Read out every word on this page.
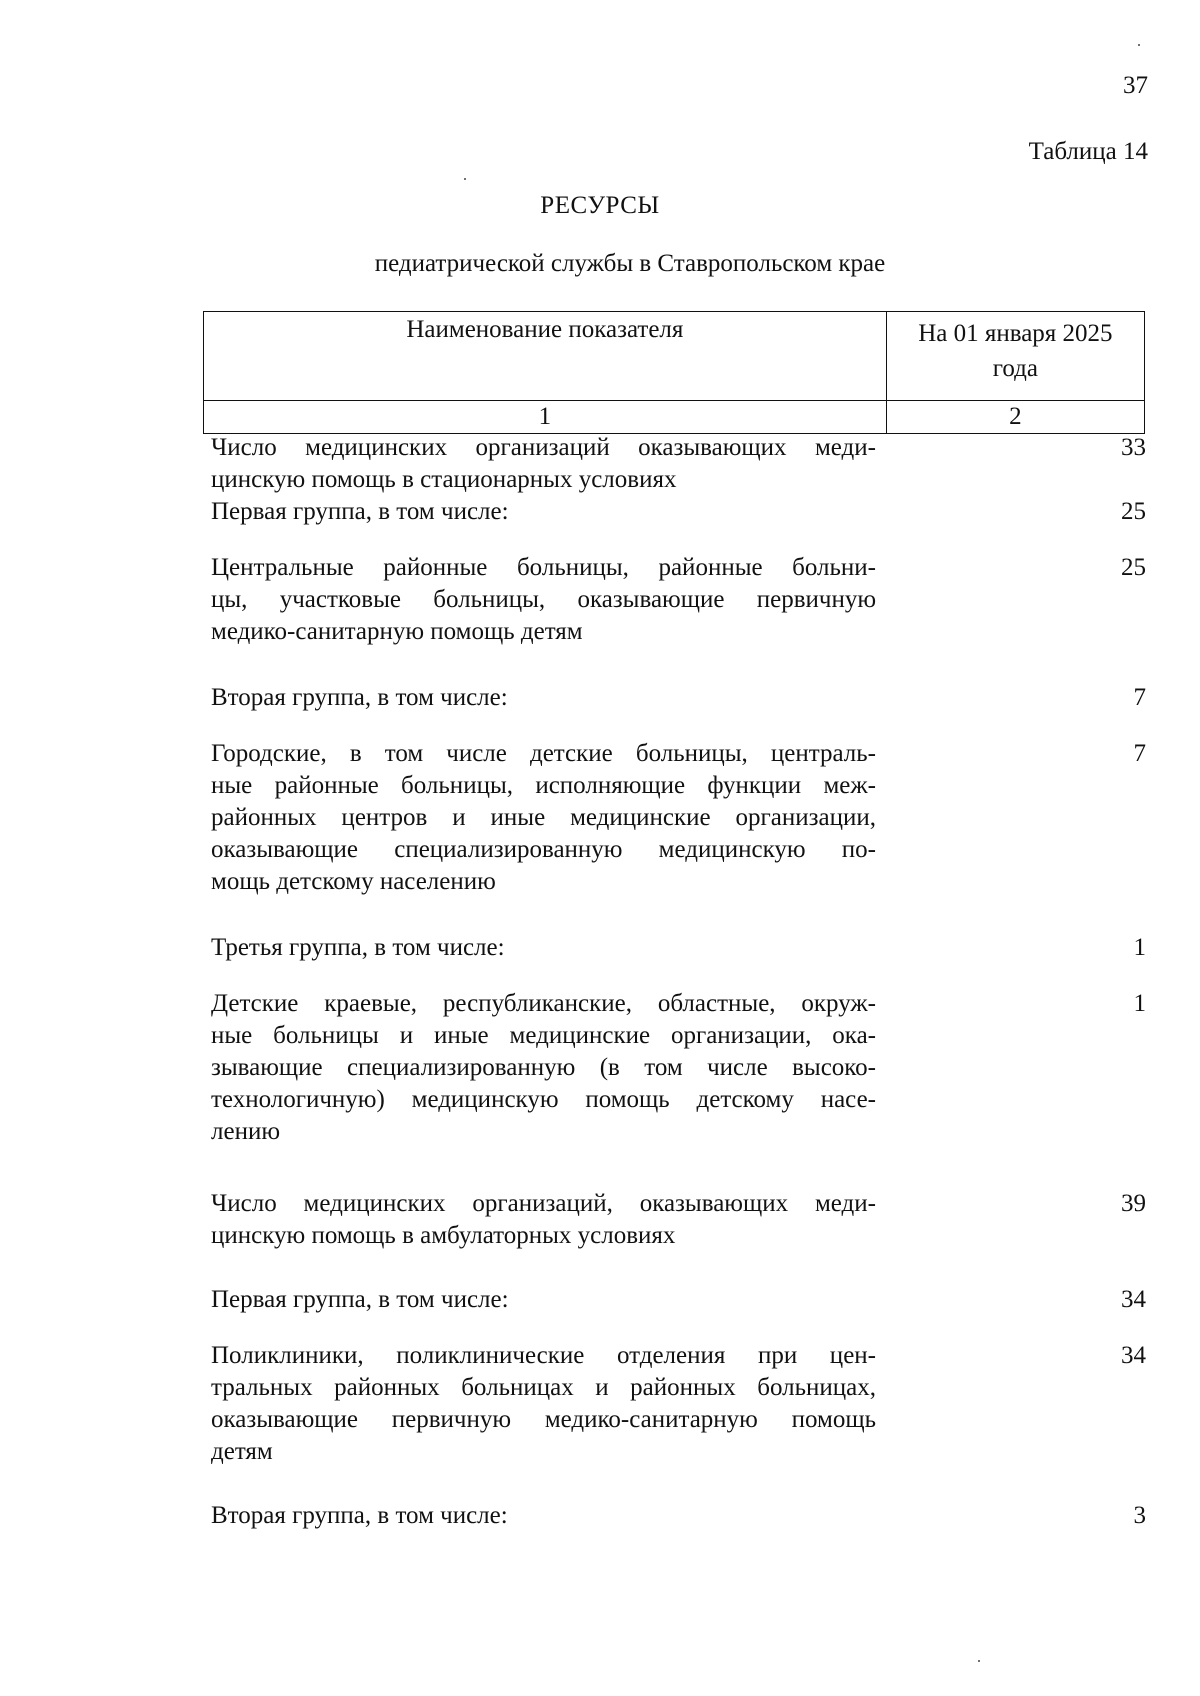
37
Таблица 14
РЕСУРСЫ
педиатрической службы в Ставропольском крае
Наименование показателя	На 01 января 2025
года

1	2
Число медицинских организаций оказывающих меди-
цинскую помощь в стационарных условиях
33
Первая группа, в том числе:	25
Центральные районные больницы, районные больни-
цы, участковые больницы, оказывающие первичную
медико-санитарную помощь детям
25
Вторая группа, в том числе:	7
Городские, в том числе детские больницы, централь-
ные районные больницы, исполняющие функции меж-
районных центров и иные медицинские организации,
оказывающие специализированную медицинскую по-
мощь детскому населению
7
Третья группа, в том числе:	1
Детские краевые, республиканские, областные, окруж-
ные больницы и иные медицинские организации, ока-
зывающие специализированную (в том числе высоко-
технологичную) медицинскую помощь детскому насе-
лению
1
Число медицинских организаций, оказывающих меди-
цинскую помощь в амбулаторных условиях
39
Первая группа, в том числе:	34
Поликлиники, поликлинические отделения при цен-
тральных районных больницах и районных больницах,
оказывающие первичную медико-санитарную помощь
детям
34
Вторая группа, в том числе:	3
